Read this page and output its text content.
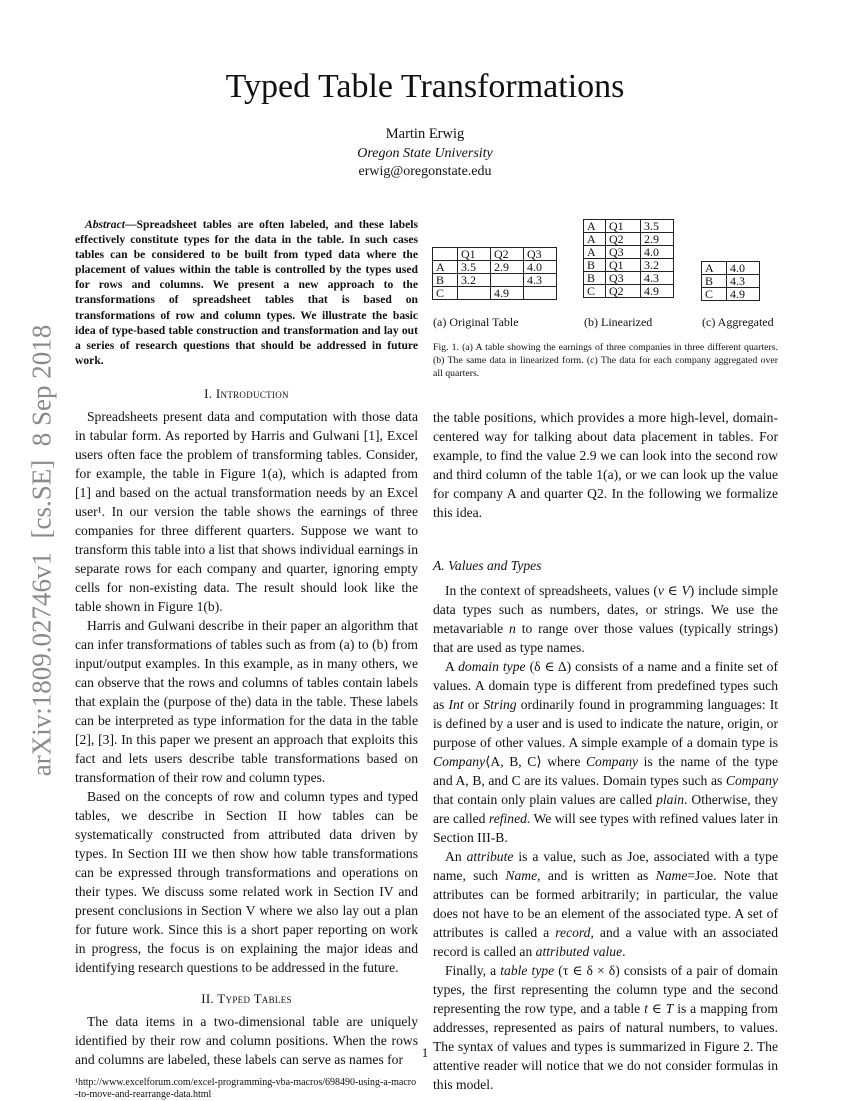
Typed Table Transformations
Martin Erwig
Oregon State University
erwig@oregonstate.edu
arXiv:1809.02746v1  [cs.SE]  8 Sep 2018

Abstract—Spreadsheet tables are often labeled, and these labels effectively constitute types for the data in the table. In such cases tables can be considered to be built from typed data where the placement of values within the table is controlled by the types used for rows and columns. We present a new approach to the transformations of spreadsheet tables that is based on transformations of row and column types. We illustrate the basic idea of type-based table construction and transformation and lay out a series of research questions that should be addressed in future work.

I. Introduction

Spreadsheets present data and computation with those data in tabular form. As reported by Harris and Gulwani [1], Excel users often face the problem of transforming tables. Consider, for example, the table in Figure 1(a), which is adapted from [1] and based on the actual transformation needs by an Excel user¹. In our version the table shows the earnings of three companies for three different quarters. Suppose we want to transform this table into a list that shows individual earnings in separate rows for each company and quarter, ignoring empty cells for non-existing data. The result should look like the table shown in Figure 1(b).

Harris and Gulwani describe in their paper an algorithm that can infer transformations of tables such as from (a) to (b) from input/output examples. In this example, as in many others, we can observe that the rows and columns of tables contain labels that explain the (purpose of the) data in the table. These labels can be interpreted as type information for the data in the table [2], [3]. In this paper we present an approach that exploits this fact and lets users describe table transformations based on transformation of their row and column types.

Based on the concepts of row and column types and typed tables, we describe in Section II how tables can be systematically constructed from attributed data driven by types. In Section III we then show how table transformations can be expressed through transformations and operations on their types. We discuss some related work in Section IV and present conclusions in Section V where we also lay out a plan for future work. Since this is a short paper reporting on work in progress, the focus is on explaining the major ideas and identifying research questions to be addressed in the future.

II. Typed Tables

The data items in a two-dimensional table are uniquely identified by their row and column positions. When the rows and columns are labeled, these labels can serve as names for

¹http://www.excelforum.com/excel-programming-vba-macros/698490-using-a-macro-to-move-and-rearrange-data.html

the table positions, which provides a more high-level, domain-centered way for talking about data placement in tables. For example, to find the value 2.9 we can look into the second row and third column of the table 1(a), or we can look up the value for company A and quarter Q2. In the following we formalize this idea.

A. Values and Types

In the context of spreadsheets, values (v ∈ V) include simple data types such as numbers, dates, or strings. We use the metavariable n to range over those values (typically strings) that are used as type names.

A domain type (δ ∈ Δ) consists of a name and a finite set of values. A domain type is different from predefined types such as Int or String ordinarily found in programming languages: It is defined by a user and is used to indicate the nature, origin, or purpose of other values. A simple example of a domain type is Company⟨A, B, C⟩ where Company is the name of the type and A, B, and C are its values. Domain types such as Company that contain only plain values are called plain. Otherwise, they are called refined. We will see types with refined values later in Section III-B.

An attribute is a value, such as Joe, associated with a type name, such Name, and is written as Name=Joe. Note that attributes can be formed arbitrarily; in particular, the value does not have to be an element of the associated type. A set of attributes is called a record, and a value with an associated record is called an attributed value.

Finally, a table type (τ ∈ δ × δ) consists of a pair of domain types, the first representing the column type and the second representing the row type, and a table t ∈ T is a mapping from addresses, represented as pairs of natural numbers, to values. The syntax of values and types is summarized in Figure 2. The attentive reader will notice that we do not consider formulas in this model.

	Q1	Q2	Q3
A	3.5	2.9	4.0
B	3.2		4.3
C		4.9	
A	Q1	3.5
A	Q2	2.9
A	Q3	4.0
B	Q1	3.2
B	Q3	4.3
C	Q2	4.9
A	4.0
B	4.3
C	4.9
(a) Original Table	(b) Linearized	(c) Aggregated
Fig. 1. (a) A table showing the earnings of three companies in three different quarters. (b) The same data in linearized form. (c) The data for each company aggregated over all quarters.
1
